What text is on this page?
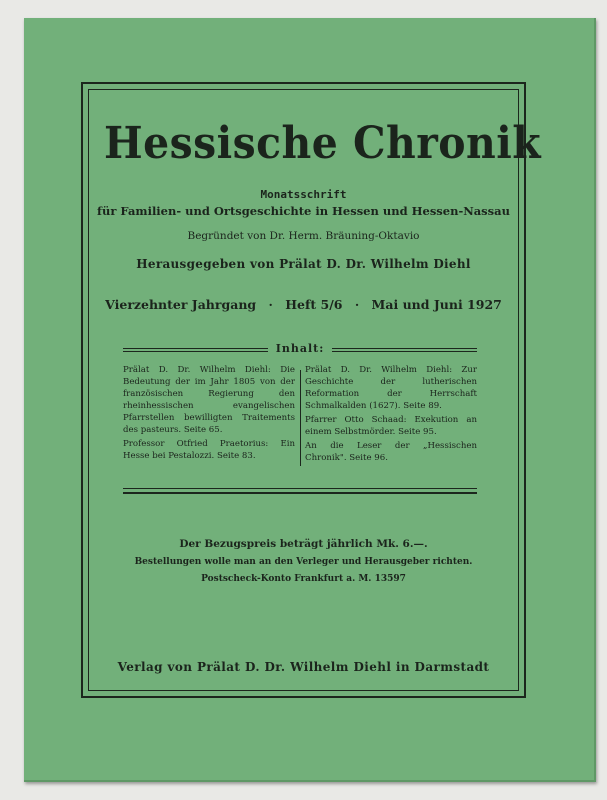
Hessische Chronik
Monatsschrift
für Familien- und Ortsgeschichte in Hessen und Hessen-Nassau
Begründet von Dr. Herm. Bräuning-Oktavio
Herausgegeben von Prälat D. Dr. Wilhelm Diehl
Vierzehnter Jahrgang · Heft 5/6 · Mai und Juni 1927
Inhalt:

Prälat D. Dr. Wilhelm Diehl: Die Bedeutung der im Jahr 1805 von der französischen Regierung den rheinhessischen evangelischen Pfarrstellen bewilligten Traitements des pasteurs. Seite 65.

Professor Otfried Praetorius: Ein Hesse bei Pestalozzi. Seite 83.

Prälat D. Dr. Wilhelm Diehl: Zur Geschichte der lutherischen Reformation der Herrschaft Schmalkalden (1627). Seite 89.

Pfarrer Otto Schaad: Exekution an einem Selbstmörder. Seite 95.

An die Leser der „Hessischen Chronik". Seite 96.

Der Bezugspreis beträgt jährlich Mk. 6.—.
Bestellungen wolle man an den Verleger und Herausgeber richten.
Postscheck-Konto Frankfurt a. M. 13597
Verlag von Prälat D. Dr. Wilhelm Diehl in Darmstadt
